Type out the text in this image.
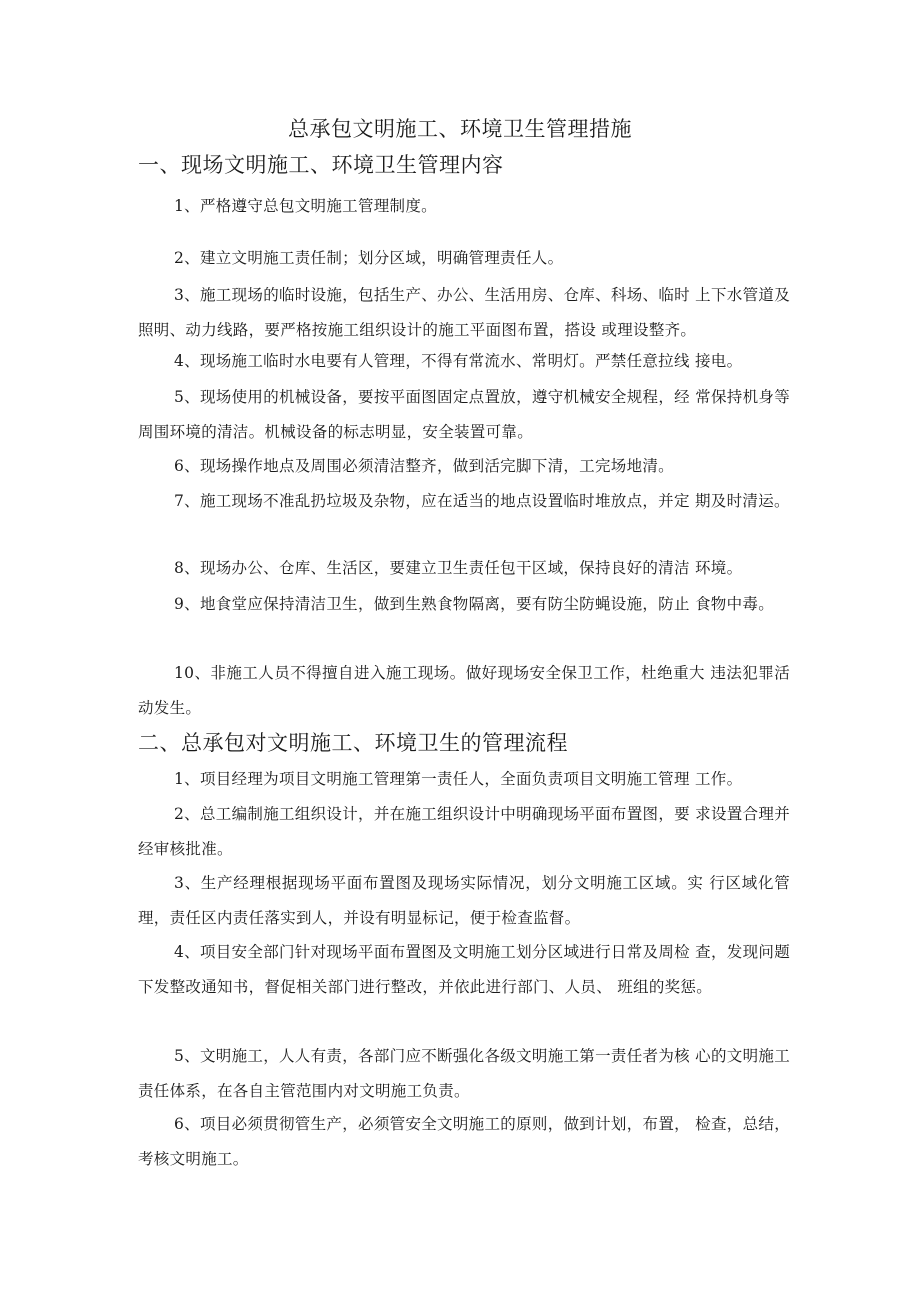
总承包文明施工、环境卫生管理措施
一、现场文明施工、环境卫生管理内容

1、严格遵守总包文明施工管理制度。

2、建立文明施工责任制；划分区域，明确管理责任人。

3、施工现场的临时设施，包括生产、办公、生活用房、仓库、科场、临时 上下水管道及照明、动力线路，要严格按施工组织设计的施工平面图布置，搭设 或理设整齐。

4、现场施工临时水电要有人管理，不得有常流水、常明灯。严禁任意拉线 接电。

5、现场使用的机械设备，要按平面图固定点置放，遵守机械安全规程，经 常保持机身等周围环境的清洁。机械设备的标志明显，安全装置可靠。

6、现场操作地点及周围必须清洁整齐，做到活完脚下清，工完场地清。

7、施工现场不准乱扔垃圾及杂物，应在适当的地点设置临时堆放点，并定 期及时清运。

8、现场办公、仓库、生活区，要建立卫生责任包干区域，保持良好的清洁 环境。

9、地食堂应保持清洁卫生，做到生熟食物隔离，要有防尘防蝇设施，防止 食物中毒。

10、非施工人员不得擅自进入施工现场。做好现场安全保卫工作，杜绝重大 违法犯罪活动发生。

二、总承包对文明施工、环境卫生的管理流程

1、项目经理为项目文明施工管理第一责任人，全面负责项目文明施工管理 工作。

2、总工编制施工组织设计，并在施工组织设计中明确现场平面布置图，要 求设置合理并经审核批准。

3、生产经理根据现场平面布置图及现场实际情况，划分文明施工区域。实 行区域化管理，责任区内责任落实到人，并设有明显标记，便于检查监督。

4、项目安全部门针对现场平面布置图及文明施工划分区域进行日常及周检 查，发现问题下发整改通知书，督促相关部门进行整改，并依此进行部门、人员、 班组的奖惩。

5、文明施工，人人有责，各部门应不断强化各级文明施工第一责任者为核 心的文明施工责任体系，在各自主管范围内对文明施工负责。

6、项目必须贯彻管生产，必须管安全文明施工的原则，做到计划，布置， 检查，总结，考核文明施工。
